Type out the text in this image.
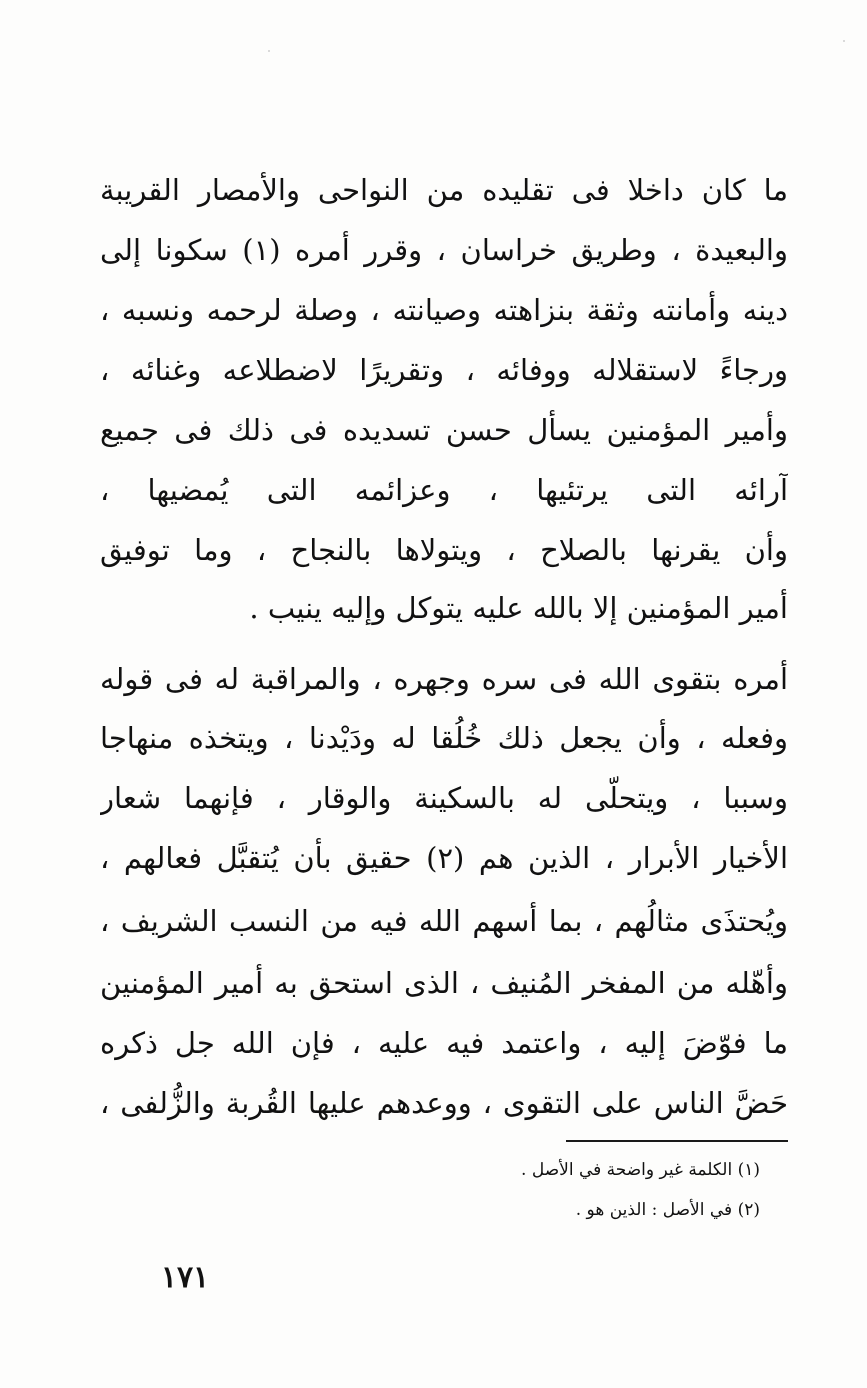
ما كان داخلا فى تقليده من النواحى والأمصار القريبة
والبعيدة ، وطريق خراسان ، وقرر أمره (١) سكونا إلى
دينه وأمانته وثقة بنزاهته وصيانته ، وصلة لرحمه ونسبه ،
ورجاءً لاستقلاله ووفائه ، وتقريرًا لاضطلاعه وغنائه ،
وأمير المؤمنين يسأل حسن تسديده فى ذلك فى جميع
آرائه التى يرتئيها ، وعزائمه التى يُمضيها ،
وأن يقرنها بالصلاح ، ويتولاها بالنجاح ، وما توفيق
أمير المؤمنين إلا بالله عليه يتوكل وإليه ينيب .
أمره بتقوى الله فى سره وجهره ، والمراقبة له فى قوله
وفعله ، وأن يجعل ذلك خُلُقا له ودَيْدنا ، ويتخذه منهاجا
وسببا ، ويتحلّى له بالسكينة والوقار ، فإنهما شعار
الأخيار الأبرار ، الذين هم (٢) حقيق بأن يُتقبَّل فعالهم ،
ويُحتذَى مثالُهم ، بما أسهم الله فيه من النسب الشريف ،
وأهّله من المفخر المُنيف ، الذى استحق به أمير المؤمنين
ما فوّضَ إليه ، واعتمد فيه عليه ، فإن الله جل ذكره
حَضَّ الناس على التقوى ، ووعدهم عليها القُربة والزُّلفى ،
(١) الكلمة غير واضحة في الأصل .
(٢) في الأصل : الذين هو .
١٧١
